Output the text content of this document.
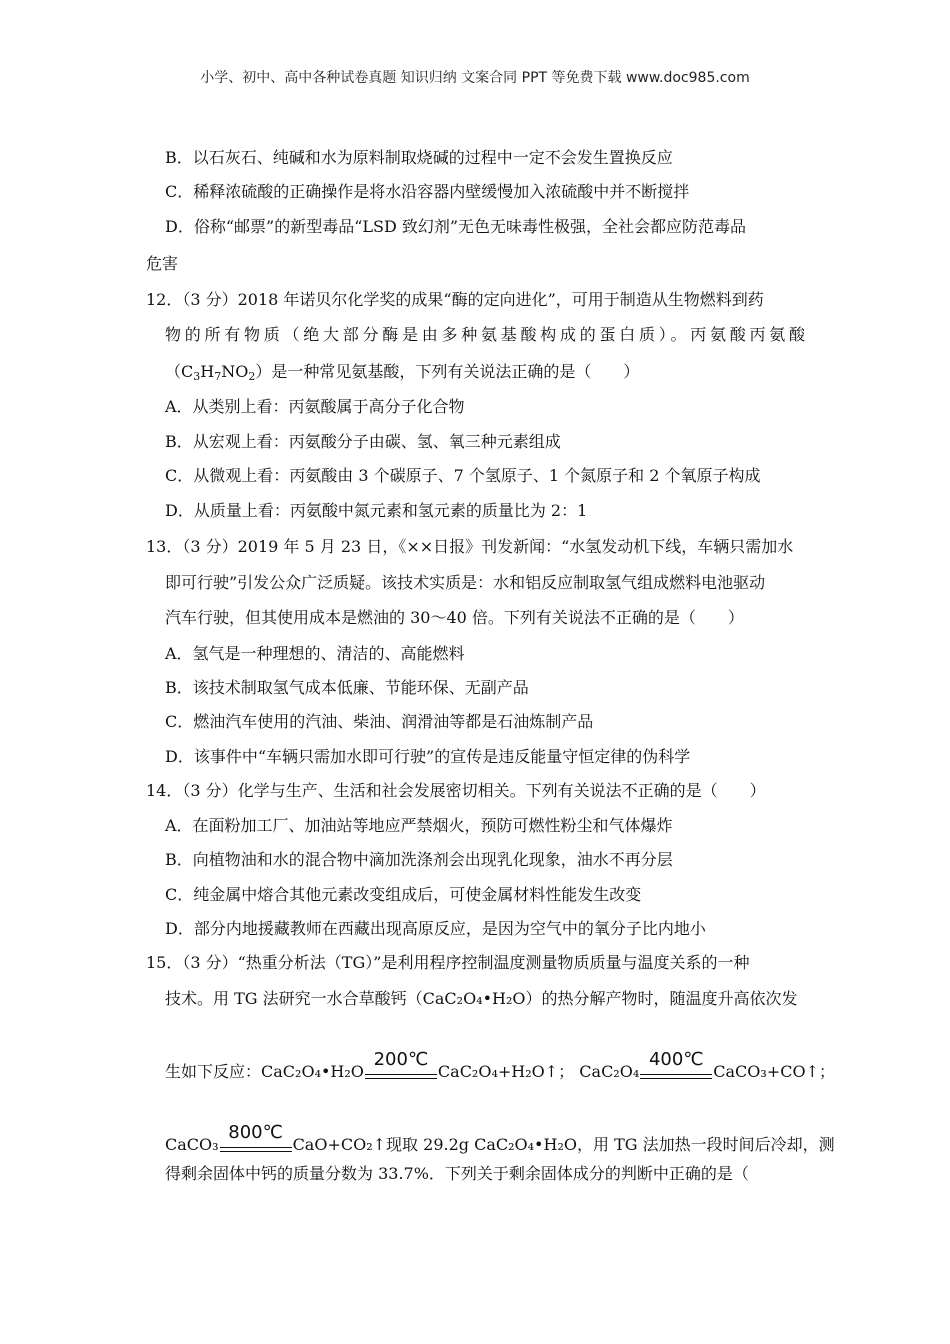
小学、初中、高中各种试卷真题 知识归纳 文案合同 PPT 等免费下载 www.doc985.com
B．以石灰石、纯碱和水为原料制取烧碱的过程中一定不会发生置换反应
C．稀释浓硫酸的正确操作是将水沿容器内壁缓慢加入浓硫酸中并不断搅拌
D．俗称“邮票”的新型毒品“LSD 致幻剂”无色无味毒性极强，全社会都应防范毒品
危害
12．（3 分）2018 年诺贝尔化学奖的成果“酶的定向进化”，可用于制造从生物燃料到药
物的所有物质（绝大部分酶是由多种氨基酸构成的蛋白质）。丙氨酸丙氨酸
$(C_3H_7NO_2)$是一种常见氨基酸，下列有关说法正确的是（　　）
A．从类别上看：丙氨酸属于高分子化合物
B．从宏观上看：丙氨酸分子由碳、氢、氧三种元素组成
C．从微观上看：丙氨酸由 3 个碳原子、7 个氢原子、1 个氮原子和 2 个氧原子构成
D．从质量上看：丙氨酸中氮元素和氢元素的质量比为 2：1
13．（3 分）2019 年 5 月 23 日，《××日报》刊发新闻：“水氢发动机下线，车辆只需加水
即可行驶”引发公众广泛质疑。该技术实质是：水和铝反应制取氢气组成燃料电池驱动
汽车行驶，但其使用成本是燃油的 30～40 倍。下列有关说法不正确的是（　　）
A．氢气是一种理想的、清洁的、高能燃料
B．该技术制取氢气成本低廉、节能环保、无副产品
C．燃油汽车使用的汽油、柴油、润滑油等都是石油炼制产品
D．该事件中“车辆只需加水即可行驶”的宣传是违反能量守恒定律的伪科学
14．（3 分）化学与生产、生活和社会发展密切相关。下列有关说法不正确的是（　　）
A．在面粉加工厂、加油站等地应严禁烟火，预防可燃性粉尘和气体爆炸
B．向植物油和水的混合物中滴加洗涤剂会出现乳化现象，油水不再分层
C．纯金属中熔合其他元素改变组成后，可使金属材料性能发生改变
D．部分内地援藏教师在西藏出现高原反应，是因为空气中的氧分子比内地小
15．（3 分）“热重分析法（TG）”是利用程序控制温度测量物质质量与温度关系的一种
技术。用 TG 法研究一水合草酸钙（CaC₂O₄•H₂O）的热分解产物时，随温度升高依次发
生如下反应：CaC₂O₄•H₂O
200℃
CaC₂O₄+H₂O↑； CaC₂O₄
400℃
CaCO₃+CO↑；
CaCO₃
800℃
CaO+CO₂↑现取 29.2g CaC₂O₄•H₂O，用 TG 法加热一段时间后冷却，测
得剩余固体中钙的质量分数为 33.7%．下列关于剩余固体成分的判断中正确的是（
